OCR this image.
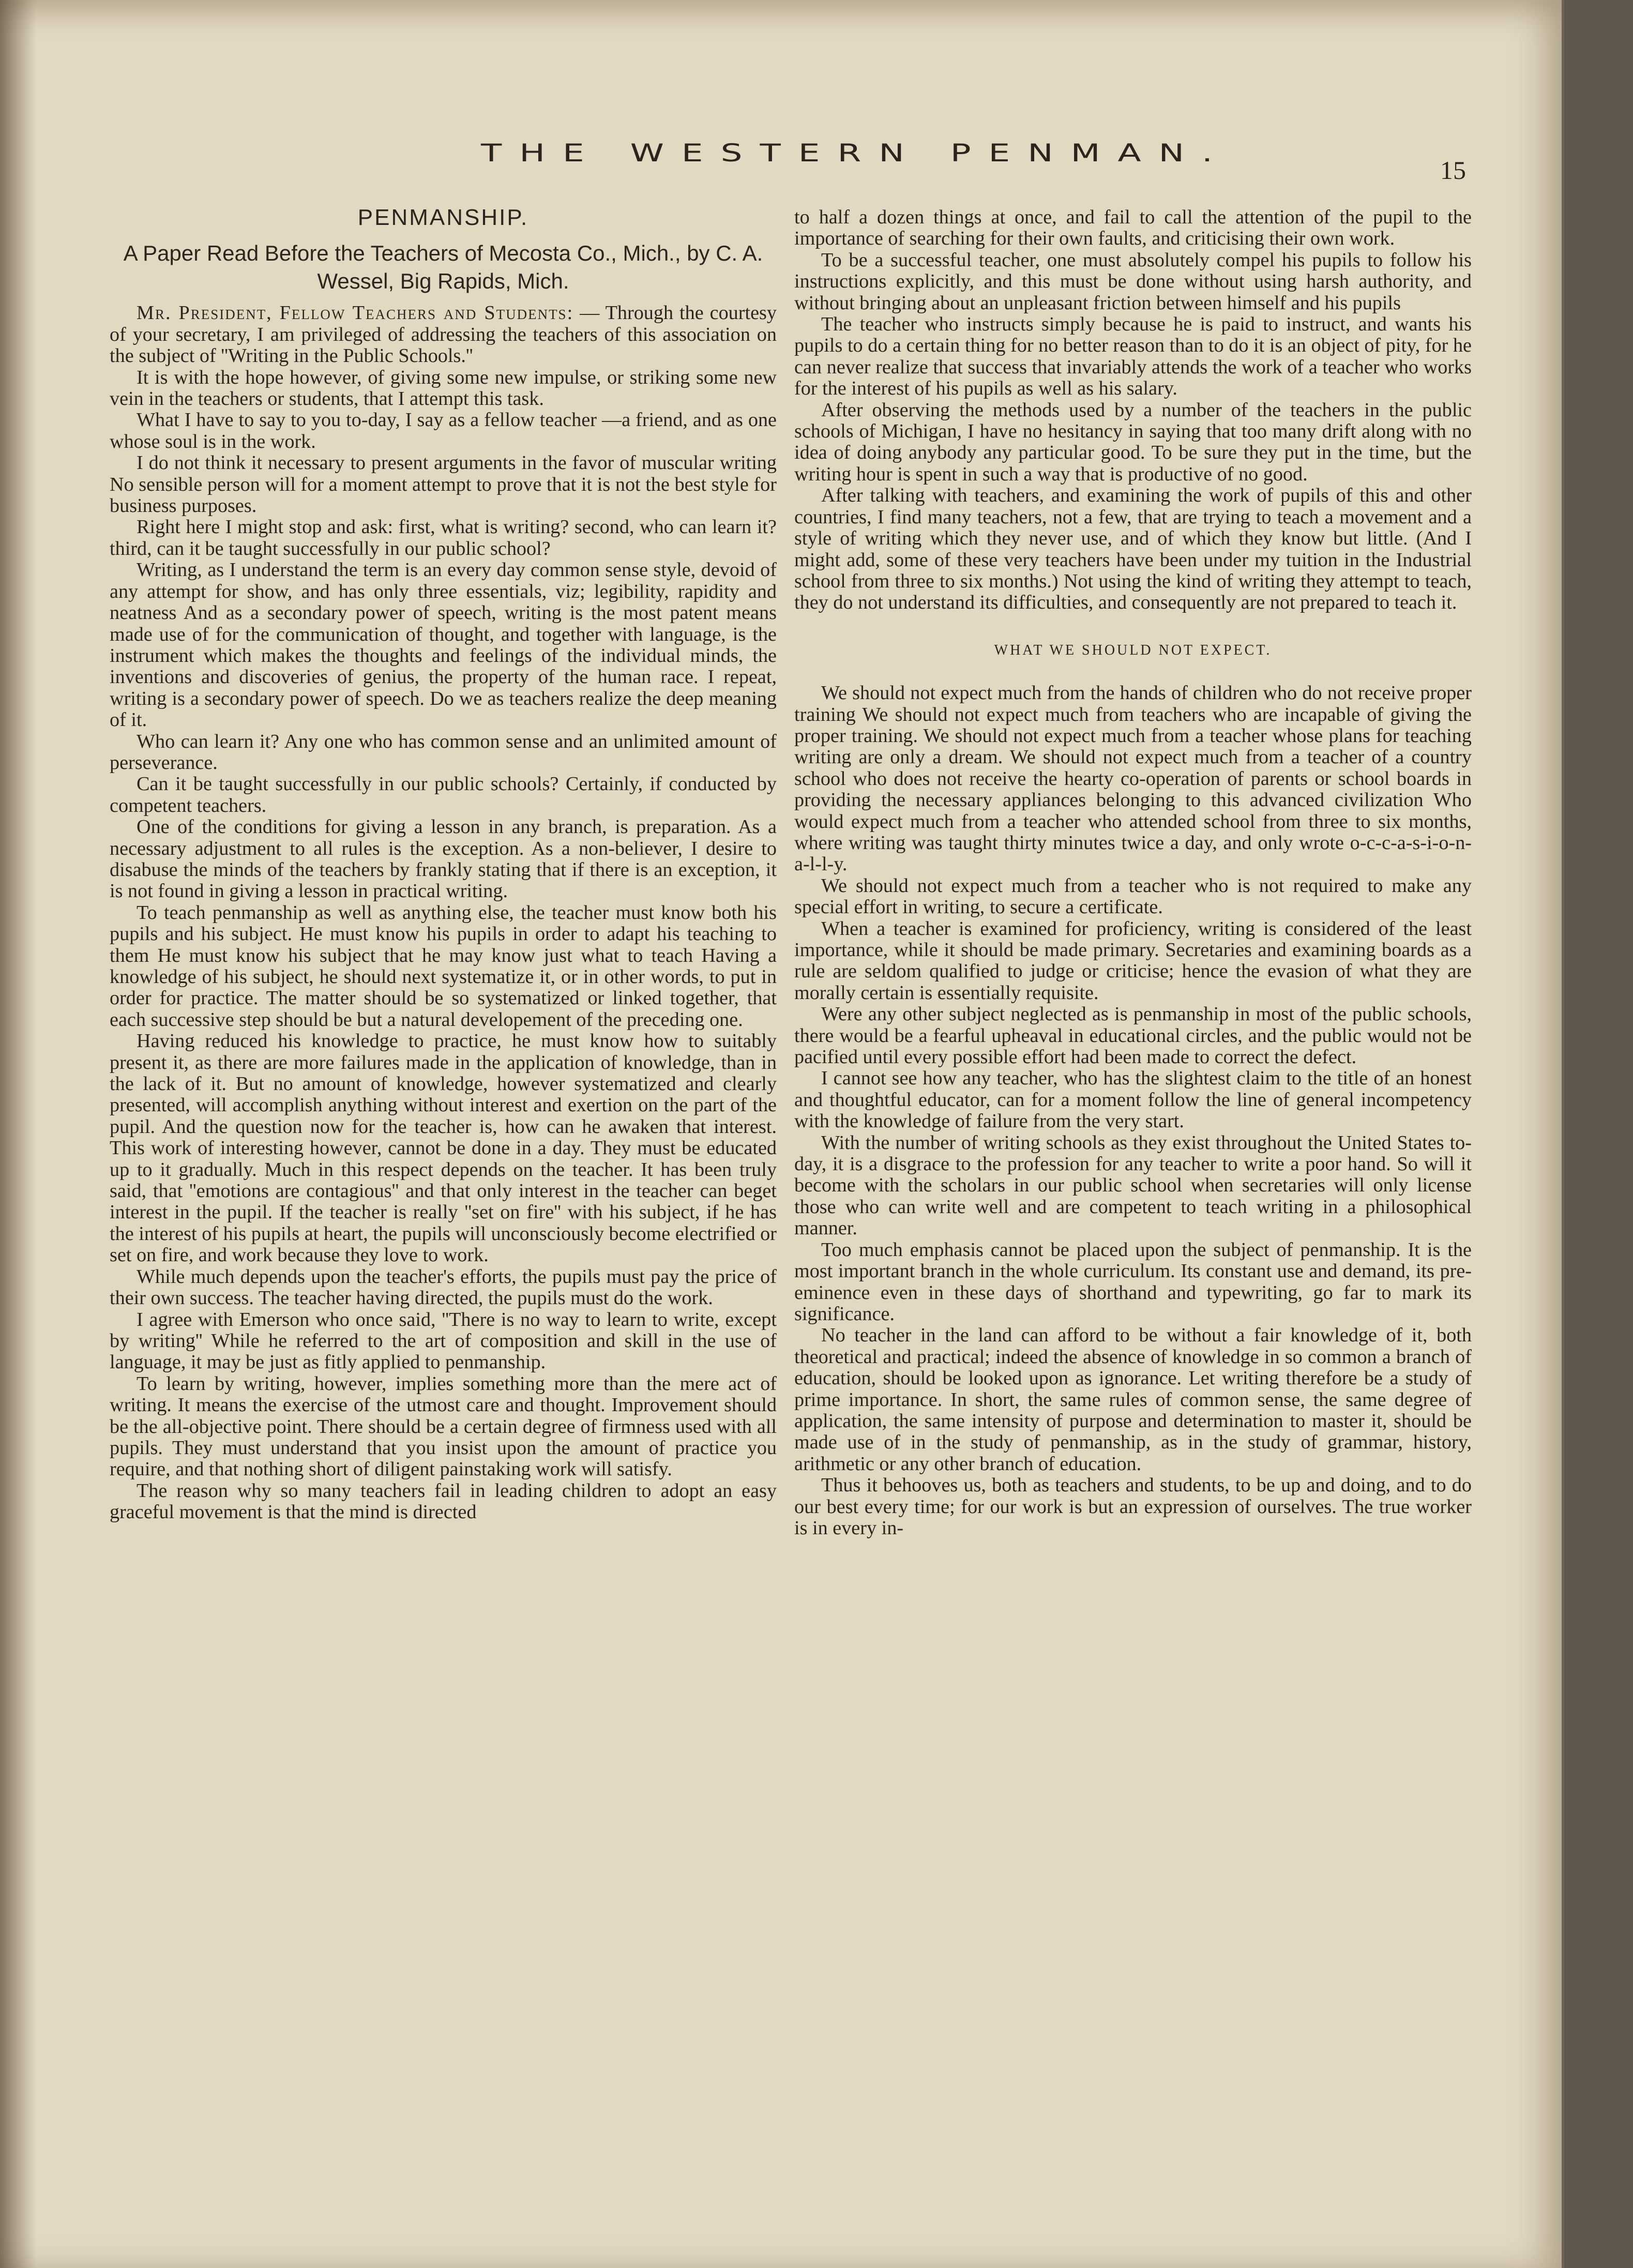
THE WESTERN PENMAN.
15
PENMANSHIP.
A Paper Read Before the Teachers of Mecosta Co., Mich., by C. A. Wessel, Big Rapids, Mich.

Mr. President, Fellow Teachers and Students: — Through the courtesy of your secretary, I am privileged of addressing the teachers of this association on the subject of ''Writing in the Public Schools.''

It is with the hope however, of giving some new impulse, or striking some new vein in the teachers or students, that I attempt this task.

What I have to say to you to-day, I say as a fellow teacher —a friend, and as one whose soul is in the work.

I do not think it necessary to present arguments in the favor of muscular writing No sensible person will for a moment attempt to prove that it is not the best style for business purposes.

Right here I might stop and ask: first, what is writing? second, who can learn it? third, can it be taught successfully in our public school?

Writing, as I understand the term is an every day common sense style, devoid of any attempt for show, and has only three essentials, viz; legibility, rapidity and neatness And as a secondary power of speech, writing is the most patent means made use of for the communication of thought, and together with language, is the instrument which makes the thoughts and feelings of the individual minds, the inventions and discoveries of genius, the property of the human race. I repeat, writing is a secondary power of speech. Do we as teachers realize the deep meaning of it.

Who can learn it? Any one who has common sense and an unlimited amount of perseverance.

Can it be taught successfully in our public schools? Certainly, if conducted by competent teachers.

One of the conditions for giving a lesson in any branch, is preparation. As a necessary adjustment to all rules is the exception. As a non-believer, I desire to disabuse the minds of the teachers by frankly stating that if there is an exception, it is not found in giving a lesson in practical writing.

To teach penmanship as well as anything else, the teacher must know both his pupils and his subject. He must know his pupils in order to adapt his teaching to them He must know his subject that he may know just what to teach Having a knowledge of his subject, he should next systematize it, or in other words, to put in order for practice. The matter should be so systematized or linked together, that each successive step should be but a natural developement of the preceding one.

Having reduced his knowledge to practice, he must know how to suitably present it, as there are more failures made in the application of knowledge, than in the lack of it. But no amount of knowledge, however systematized and clearly presented, will accomplish anything without interest and exertion on the part of the pupil. And the question now for the teacher is, how can he awaken that interest. This work of interesting however, cannot be done in a day. They must be educated up to it gradually. Much in this respect depends on the teacher. It has been truly said, that ''emotions are contagious'' and that only interest in the teacher can beget interest in the pupil. If the teacher is really ''set on fire'' with his subject, if he has the interest of his pupils at heart, the pupils will unconsciously become electrified or set on fire, and work because they love to work.

While much depends upon the teacher's efforts, the pupils must pay the price of their own success. The teacher having directed, the pupils must do the work.

I agree with Emerson who once said, ''There is no way to learn to write, except by writing'' While he referred to the art of composition and skill in the use of language, it may be just as fitly applied to penmanship.

To learn by writing, however, implies something more than the mere act of writing. It means the exercise of the utmost care and thought. Improvement should be the all-objective point. There should be a certain degree of firmness used with all pupils. They must understand that you insist upon the amount of practice you require, and that nothing short of diligent painstaking work will satisfy.

The reason why so many teachers fail in leading children to adopt an easy graceful movement is that the mind is directed

to half a dozen things at once, and fail to call the attention of the pupil to the importance of searching for their own faults, and criticising their own work.

To be a successful teacher, one must absolutely compel his pupils to follow his instructions explicitly, and this must be done without using harsh authority, and without bringing about an unpleasant friction between himself and his pupils

The teacher who instructs simply because he is paid to instruct, and wants his pupils to do a certain thing for no better reason than to do it is an object of pity, for he can never realize that success that invariably attends the work of a teacher who works for the interest of his pupils as well as his salary.

After observing the methods used by a number of the teachers in the public schools of Michigan, I have no hesitancy in saying that too many drift along with no idea of doing anybody any particular good. To be sure they put in the time, but the writing hour is spent in such a way that is productive of no good.

After talking with teachers, and examining the work of pupils of this and other countries, I find many teachers, not a few, that are trying to teach a movement and a style of writing which they never use, and of which they know but little. (And I might add, some of these very teachers have been under my tuition in the Industrial school from three to six months.) Not using the kind of writing they attempt to teach, they do not understand its difficulties, and consequently are not prepared to teach it.

WHAT WE SHOULD NOT EXPECT.

We should not expect much from the hands of children who do not receive proper training We should not expect much from teachers who are incapable of giving the proper training. We should not expect much from a teacher whose plans for teaching writing are only a dream. We should not expect much from a teacher of a country school who does not receive the hearty co-operation of parents or school boards in providing the necessary appliances belonging to this advanced civilization Who would expect much from a teacher who attended school from three to six months, where writing was taught thirty minutes twice a day, and only wrote o-c-c-a-s-i-o-n-a-l-l-y.

We should not expect much from a teacher who is not required to make any special effort in writing, to secure a certificate.

When a teacher is examined for proficiency, writing is considered of the least importance, while it should be made primary. Secretaries and examining boards as a rule are seldom qualified to judge or criticise; hence the evasion of what they are morally certain is essentially requisite.

Were any other subject neglected as is penmanship in most of the public schools, there would be a fearful upheaval in educational circles, and the public would not be pacified until every possible effort had been made to correct the defect.

I cannot see how any teacher, who has the slightest claim to the title of an honest and thoughtful educator, can for a moment follow the line of general incompetency with the knowledge of failure from the very start.

With the number of writing schools as they exist throughout the United States to-day, it is a disgrace to the profession for any teacher to write a poor hand. So will it become with the scholars in our public school when secretaries will only license those who can write well and are competent to teach writing in a philosophical manner.

Too much emphasis cannot be placed upon the subject of penmanship. It is the most important branch in the whole curriculum. Its constant use and demand, its pre-eminence even in these days of shorthand and typewriting, go far to mark its significance.

No teacher in the land can afford to be without a fair knowledge of it, both theoretical and practical; indeed the absence of knowledge in so common a branch of education, should be looked upon as ignorance. Let writing therefore be a study of prime importance. In short, the same rules of common sense, the same degree of application, the same intensity of purpose and determination to master it, should be made use of in the study of penmanship, as in the study of grammar, history, arithmetic or any other branch of education.

Thus it behooves us, both as teachers and students, to be up and doing, and to do our best every time; for our work is but an expression of ourselves. The true worker is in every in-
